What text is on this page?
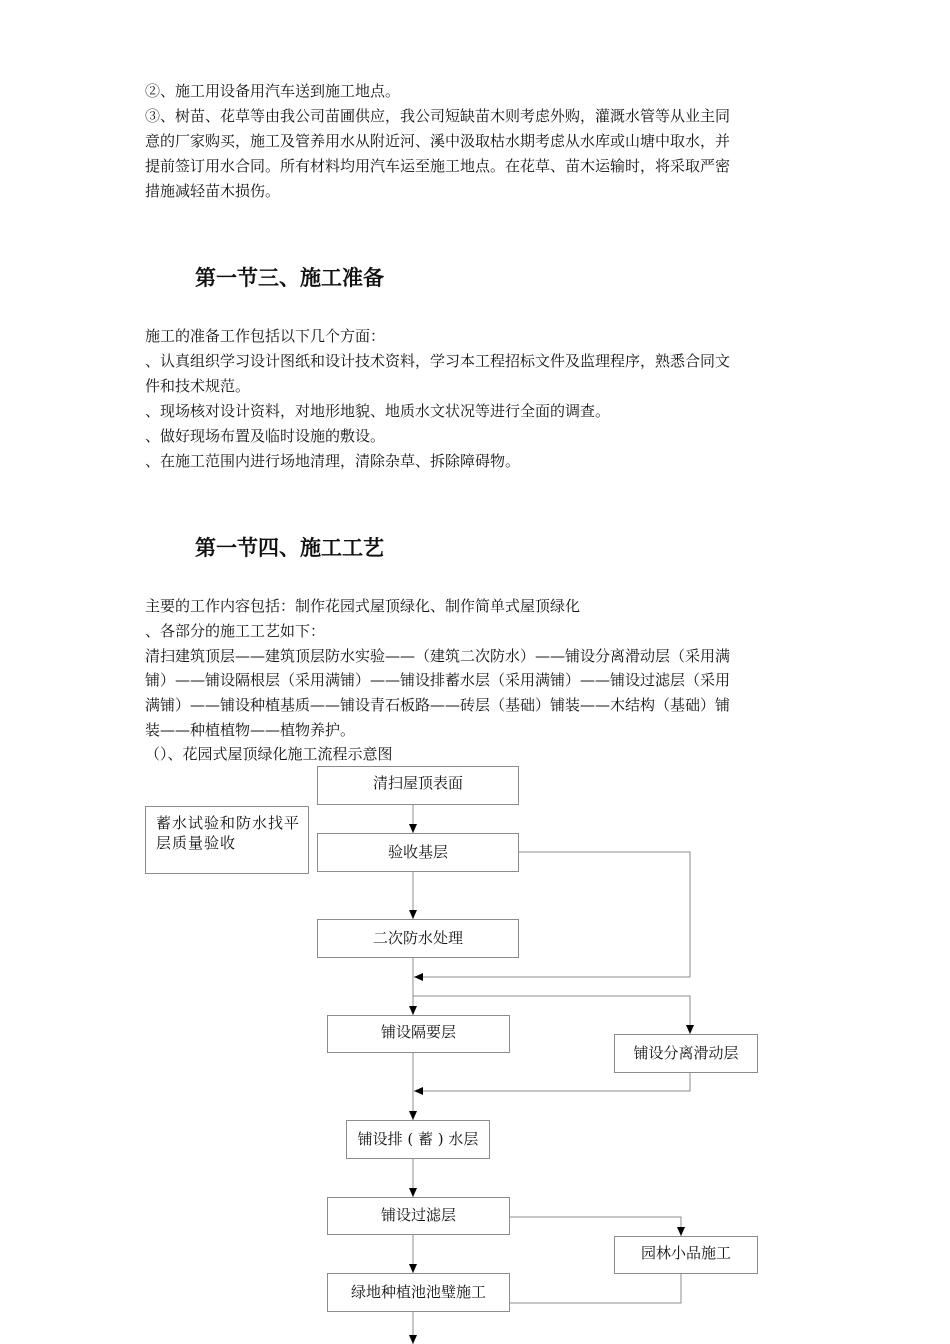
②、施工用设备用汽车送到施工地点。
③、树苗、花草等由我公司苗圃供应，我公司短缺苗木则考虑外购，灌溉水管等从业主同
意的厂家购买，施工及管养用水从附近河、溪中汲取枯水期考虑从水库或山塘中取水，并
提前签订用水合同。所有材料均用汽车运至施工地点。在花草、苗木运输时，将采取严密
措施减轻苗木损伤。
第一节三、施工准备
施工的准备工作包括以下几个方面：
、认真组织学习设计图纸和设计技术资料，学习本工程招标文件及监理程序，熟悉合同文
件和技术规范。
、现场核对设计资料，对地形地貌、地质水文状况等进行全面的调查。
、做好现场布置及临时设施的敷设。
、在施工范围内进行场地清理，清除杂草、拆除障碍物。
第一节四、施工工艺
主要的工作内容包括：制作花园式屋顶绿化、制作简单式屋顶绿化
、各部分的施工工艺如下：
清扫建筑顶层——建筑顶层防水实验——（建筑二次防水）——铺设分离滑动层（采用满
铺）——铺设隔根层（采用满铺）——铺设排蓄水层（采用满铺）——铺设过滤层（采用
满铺）——铺设种植基质——铺设青石板路——砖层（基础）铺装——木结构（基础）铺
装——种植植物——植物养护。
（）、花园式屋顶绿化施工流程示意图
清扫屋顶表面
蓄水试验和防水找平层质量验收	验收基层
二次防水处理
铺设隔要层
铺设分离滑动层
铺设排 ( 蓄 ) 水层
铺设过滤层
园林小品施工
绿地种植池池璧施工
